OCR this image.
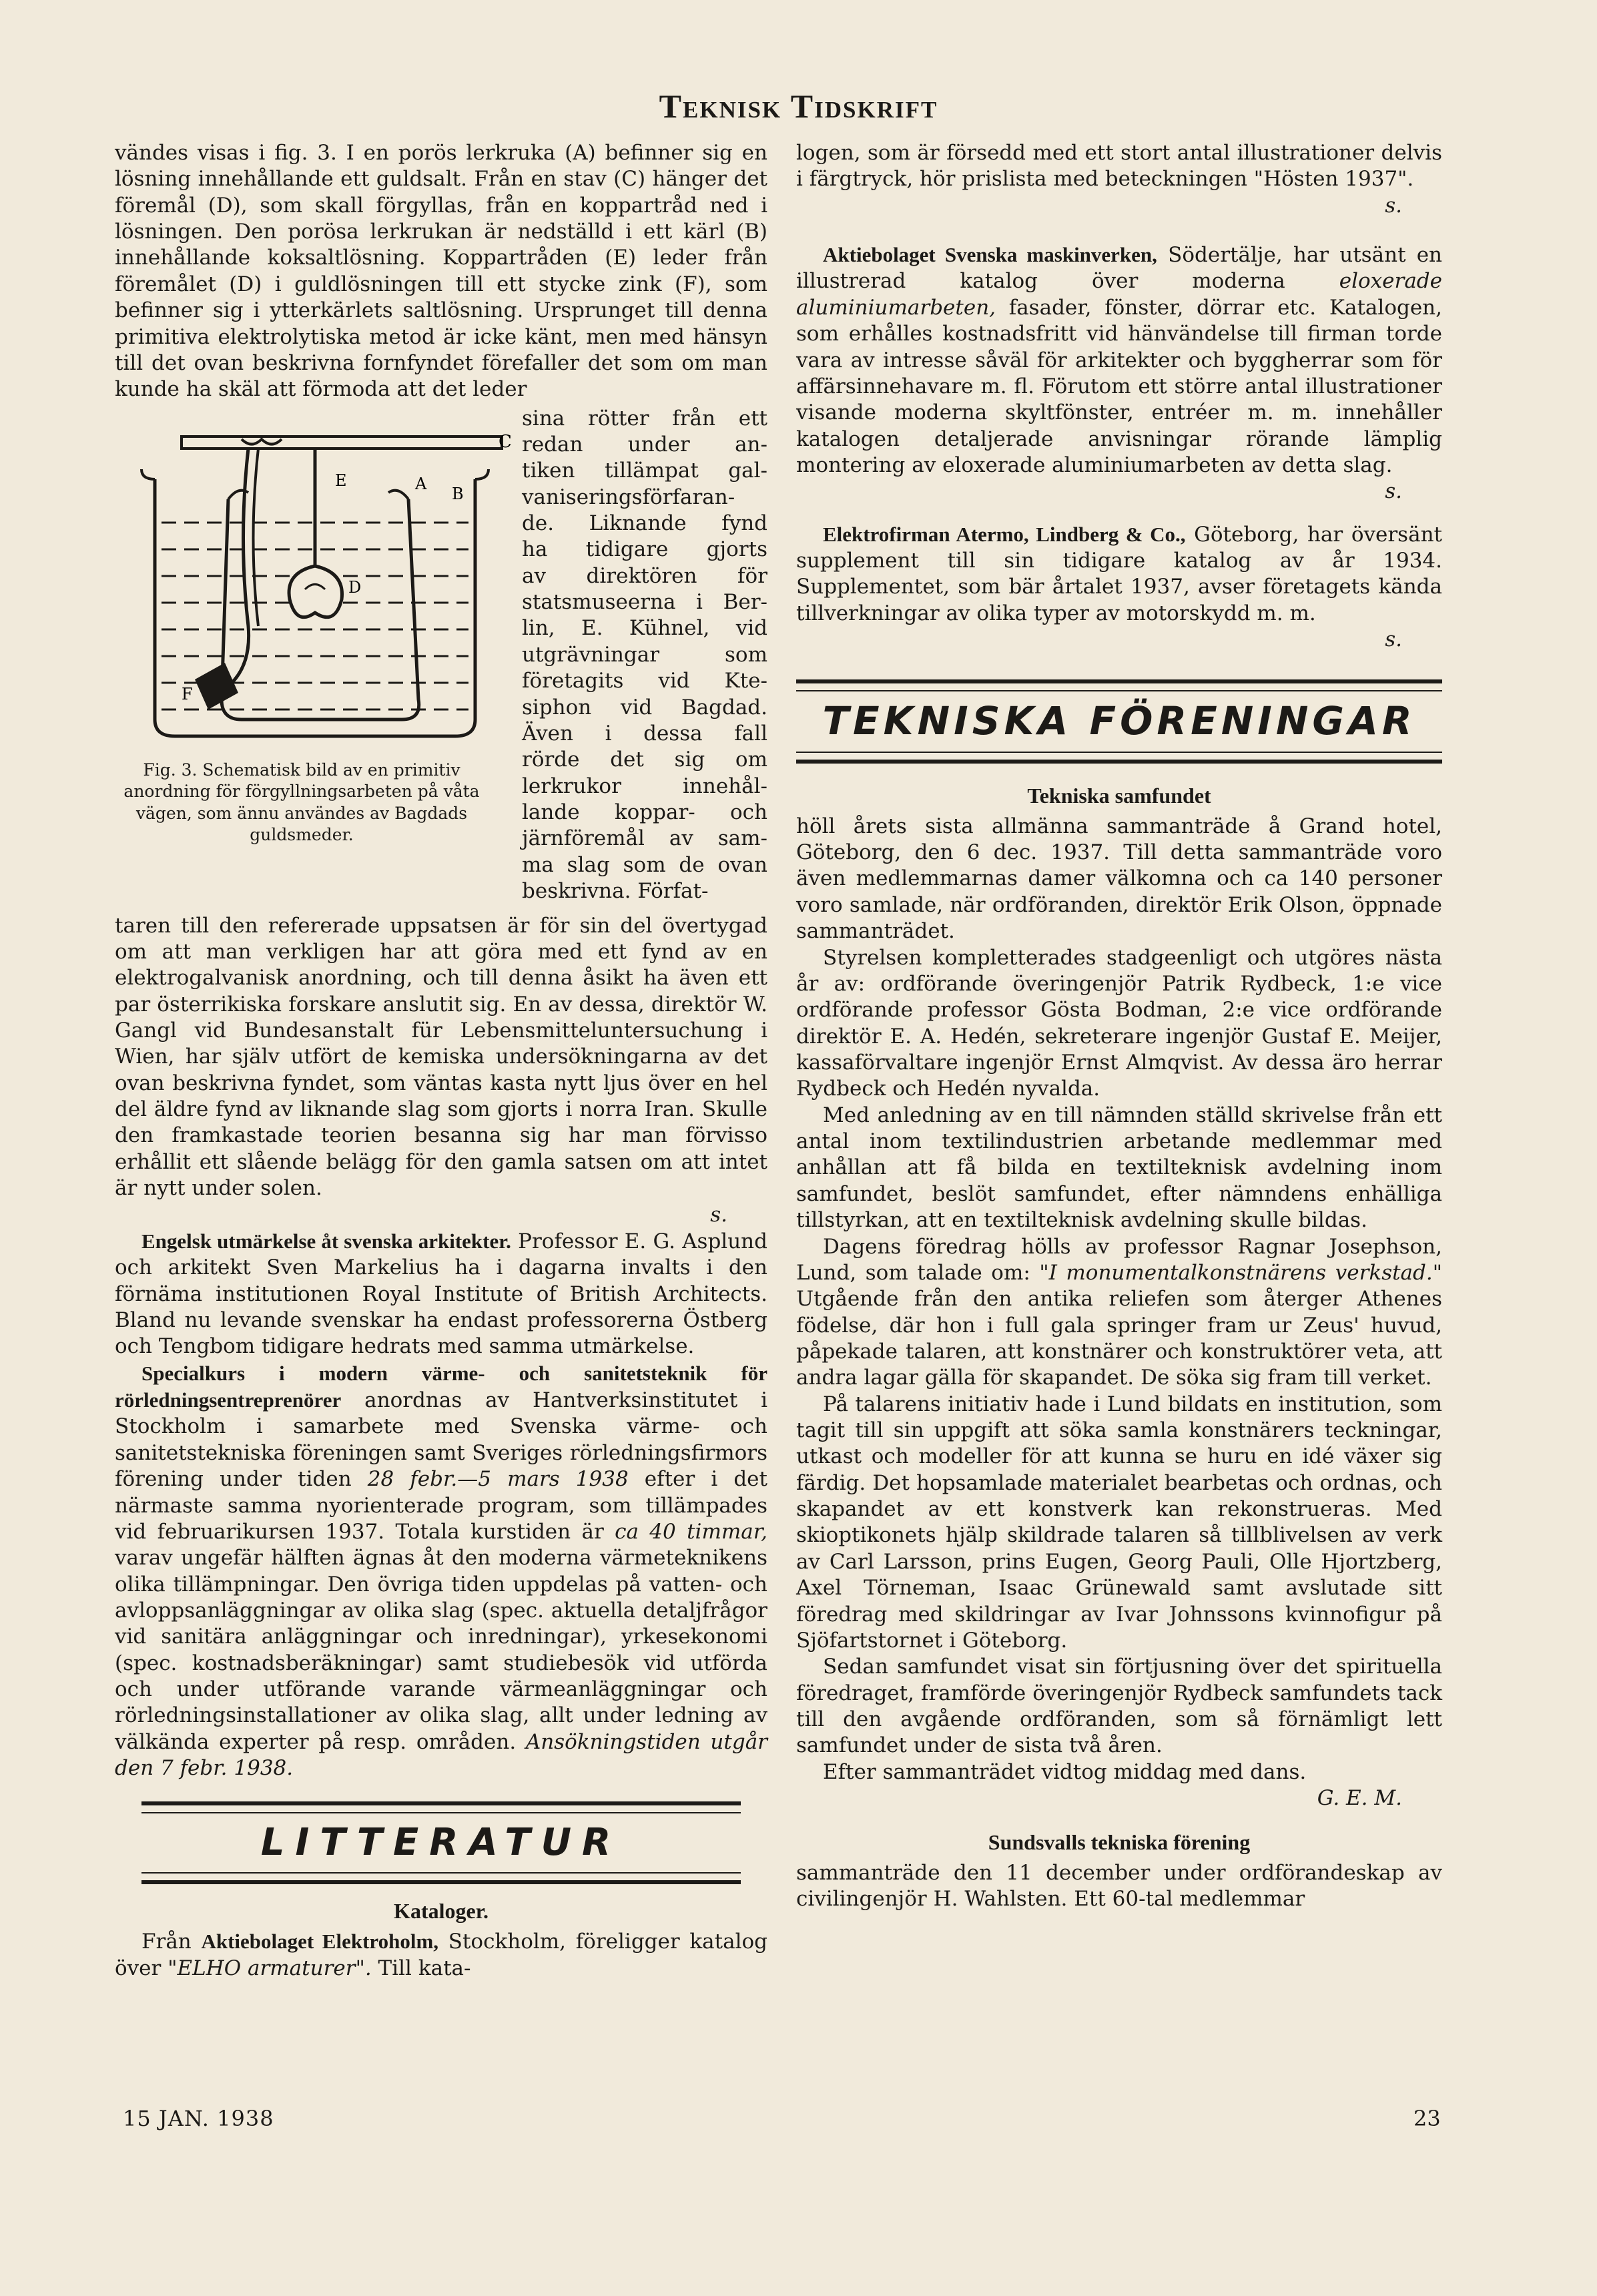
Teknisk Tidskrift

vändes visas i fig. 3. I en porös lerkruka (A) befinner sig en lösning innehållande ett guldsalt. Från en stav (C) hänger det föremål (D), som skall förgyllas, från en koppartråd ned i lösningen. Den porösa lerkrukan är nedställd i ett kärl (B) innehållande koksaltlösning. Koppartråden (E) leder från föremålet (D) i guldlösningen till ett stycke zink (F), som befinner sig i ytterkärlets saltlösning. Ursprunget till denna primitiva elektrolytiska metod är icke känt, men med hänsyn till det ovan beskrivna fornfyndet förefaller det som om man kunde ha skäl att förmoda att det leder

C
E	A
B
D
F
Fig. 3. Schematisk bild av en primitiv anordning för förgyllningsarbeten på våta vägen, som ännu användes av Bagdads guldsmeder.
sina rötter från ett
redan under an-
tiken tillämpat gal-
vaniseringsförfaran-
de. Liknande fynd
ha tidigare gjorts
av direktören för
statsmuseerna i Ber-
lin, E. Kühnel, vid
utgrävningar som
företagits vid Kte-
siphon vid Bagdad.
Även i dessa fall
rörde det sig om
lerkrukor innehål-
lande koppar- och
järnföremål av sam-
ma slag som de ovan
beskrivna. Förfat-

taren till den refererade uppsatsen är för sin del övertygad om att man verkligen har att göra med ett fynd av en elektrogalvanisk anordning, och till denna åsikt ha även ett par österrikiska forskare anslutit sig. En av dessa, direktör W. Gangl vid Bundesanstalt für Lebensmitteluntersuchung i Wien, har själv utfört de kemiska undersökningarna av det ovan beskrivna fyndet, som väntas kasta nytt ljus över en hel del äldre fynd av liknande slag som gjorts i norra Iran. Skulle den framkastade teorien besanna sig har man förvisso erhållit ett slående belägg för den gamla satsen om att intet är nytt under solen.

s.

Engelsk utmärkelse åt svenska arkitekter. Professor E. G. Asplund och arkitekt Sven Markelius ha i dagarna invalts i den förnäma institutionen Royal Institute of British Architects. Bland nu levande svenskar ha endast professorerna Östberg och Tengbom tidigare hedrats med samma utmärkelse.

Specialkurs i modern värme- och sanitetsteknik för rörledningsentreprenörer anordnas av Hantverksinstitutet i Stockholm i samarbete med Svenska värme- och sanitetstekniska föreningen samt Sveriges rörledningsfirmors förening under tiden 28 febr.—5 mars 1938 efter i det närmaste samma nyorienterade program, som tillämpades vid februarikursen 1937. Totala kurstiden är ca 40 timmar, varav ungefär hälften ägnas åt den moderna värmeteknikens olika tillämpningar. Den övriga tiden uppdelas på vatten- och avloppsanläggningar av olika slag (spec. aktuella detaljfrågor vid sanitära anläggningar och inredningar), yrkesekonomi (spec. kostnadsberäkningar) samt studiebesök vid utförda och under utförande varande värmeanläggningar och rörledningsinstallationer av olika slag, allt under ledning av välkända experter på resp. områden. Ansökningstiden utgår den 7 febr. 1938.

LITTERATUR
Kataloger.

Från Aktiebolaget Elektroholm, Stockholm, föreligger katalog över "ELHO armaturer". Till kata-

logen, som är försedd med ett stort antal illustrationer delvis i färgtryck, hör prislista med beteckningen "Hösten 1937".

s.

Aktiebolaget Svenska maskinverken, Södertälje, har utsänt en illustrerad katalog över moderna eloxerade aluminiumarbeten, fasader, fönster, dörrar etc. Katalogen, som erhålles kostnadsfritt vid hänvändelse till firman torde vara av intresse såväl för arkitekter och byggherrar som för affärsinnehavare m. fl. Förutom ett större antal illustrationer visande moderna skyltfönster, entréer m. m. innehåller katalogen detaljerade anvisningar rörande lämplig montering av eloxerade aluminiumarbeten av detta slag.

s.

Elektrofirman Atermo, Lindberg & Co., Göteborg, har översänt supplement till sin tidigare katalog av år 1934. Supplementet, som bär årtalet 1937, avser företagets kända tillverkningar av olika typer av motorskydd m. m.

s.
TEKNISKA FÖRENINGAR
Tekniska samfundet

höll årets sista allmänna sammanträde å Grand hotel, Göteborg, den 6 dec. 1937. Till detta sammanträde voro även medlemmarnas damer välkomna och ca 140 personer voro samlade, när ordföranden, direktör Erik Olson, öppnade sammanträdet.

Styrelsen kompletterades stadgeenligt och utgöres nästa år av: ordförande överingenjör Patrik Rydbeck, 1:e vice ordförande professor Gösta Bodman, 2:e vice ordförande direktör E. A. Hedén, sekreterare ingenjör Gustaf E. Meijer, kassaförvaltare ingenjör Ernst Almqvist. Av dessa äro herrar Rydbeck och Hedén nyvalda.

Med anledning av en till nämnden ställd skrivelse från ett antal inom textilindustrien arbetande medlemmar med anhållan att få bilda en textilteknisk avdelning inom samfundet, beslöt samfundet, efter nämndens enhälliga tillstyrkan, att en textilteknisk avdelning skulle bildas.

Dagens föredrag hölls av professor Ragnar Josephson, Lund, som talade om: "I monumentalkonstnärens verkstad." Utgående från den antika reliefen som återger Athenes födelse, där hon i full gala springer fram ur Zeus' huvud, påpekade talaren, att konstnärer och konstruktörer veta, att andra lagar gälla för skapandet. De söka sig fram till verket.

På talarens initiativ hade i Lund bildats en institution, som tagit till sin uppgift att söka samla konstnärers teckningar, utkast och modeller för att kunna se huru en idé växer sig färdig. Det hopsamlade materialet bearbetas och ordnas, och skapandet av ett konstverk kan rekonstrueras. Med skioptikonets hjälp skildrade talaren så tillblivelsen av verk av Carl Larsson, prins Eugen, Georg Pauli, Olle Hjortzberg, Axel Törneman, Isaac Grünewald samt avslutade sitt föredrag med skildringar av Ivar Johnssons kvinnofigur på Sjöfartstornet i Göteborg.

Sedan samfundet visat sin förtjusning över det spirituella föredraget, framförde överingenjör Rydbeck samfundets tack till den avgående ordföranden, som så förnämligt lett samfundet under de sista två åren.

Efter sammanträdet vidtog middag med dans.

G. E. M.
Sundsvalls tekniska förening

sammanträde den 11 december under ordförandeskap av civilingenjör H. Wahlsten. Ett 60-tal medlemmar

15 JAN. 1938	23
